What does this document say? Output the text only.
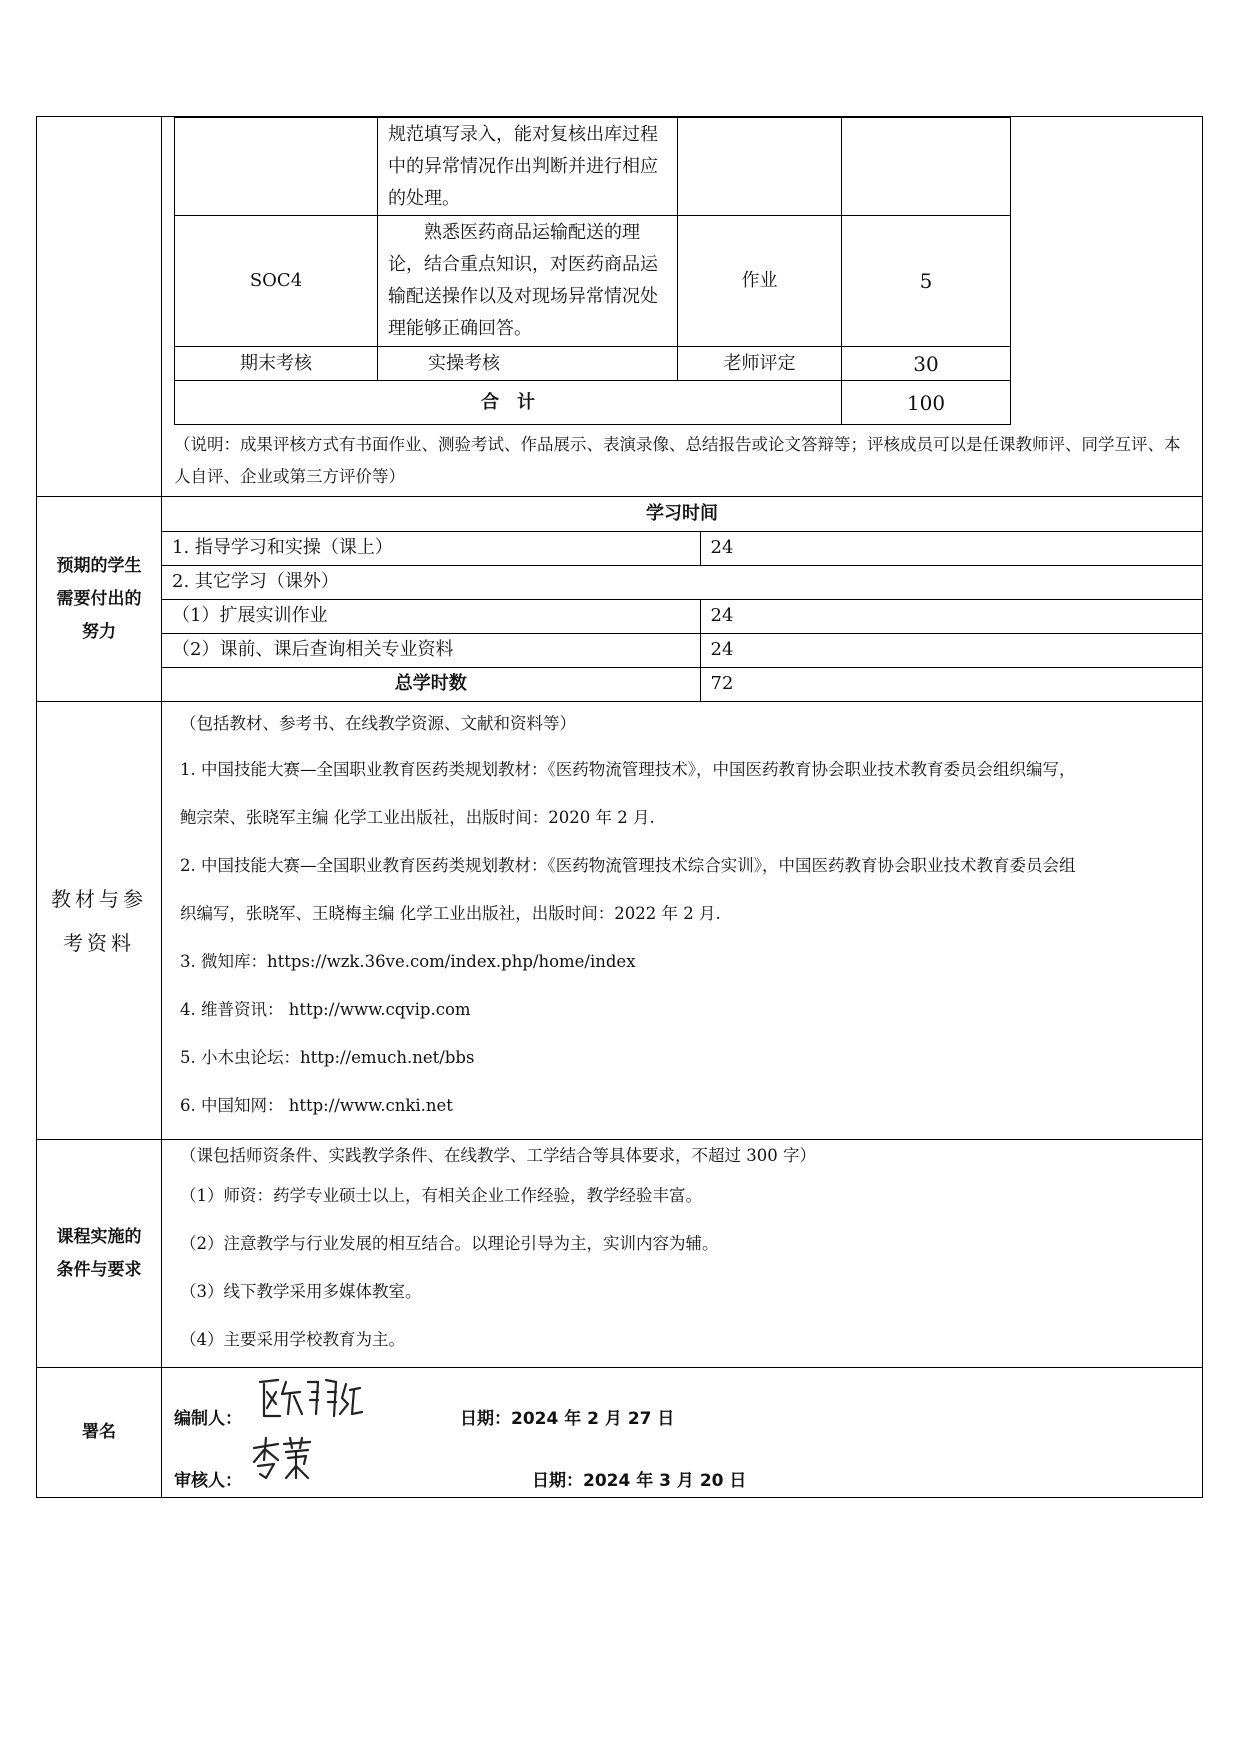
	规范填写录入，能对复核出库过程中的异常情况作出判断并进行相应的处理。		
SOC4	熟悉医药商品运输配送的理论，结合重点知识，对医药商品运输配送操作以及对现场异常情况处理能够正确回答。	作业	5
期末考核	实操考核	老师评定	30
合　计	100
（说明：成果评核方式有书面作业、测验考试、作品展示、表演录像、总结报告或论文答辩等；评核成员可以是任课教师评、同学互评、本人自评、企业或第三方评价等）

预期的学生需要付出的努力	
学习时间
1. 指导学习和实操（课上）	24
2. 其它学习（课外）
（1）扩展实训作业	24
（2）课前、课后查询相关专业资料	24
总学时数	72

教材与参考资料	
（包括教材、参考书、在线教学资源、文献和资料等）
1. 中国技能大赛—全国职业教育医药类规划教材：《医药物流管理技术》，中国医药教育协会职业技术教育委员会组织编写，
鲍宗荣、张晓军主编 化学工业出版社，出版时间：2020 年 2 月.
2. 中国技能大赛—全国职业教育医药类规划教材：《医药物流管理技术综合实训》，中国医药教育协会职业技术教育委员会组
织编写，张晓军、王晓梅主编 化学工业出版社，出版时间：2022 年 2 月.
3. 微知库：https://wzk.36ve.com/index.php/home/index
4. 维普资讯： http://www.cqvip.com
5. 小木虫论坛：http://emuch.net/bbs
6. 中国知网： http://www.cnki.net

课程实施的条件与要求	
（课包括师资条件、实践教学条件、在线教学、工学结合等具体要求，不超过 300 字）
（1）师资：药学专业硕士以上，有相关企业工作经验，教学经验丰富。
（2）注意教学与行业发展的相互结合。以理论引导为主，实训内容为辅。
（3）线下教学采用多媒体教室。
（4）主要采用学校教育为主。

署名	
编制人：	日期：2024 年 2 月 27 日
审核人：	日期：2024 年 3 月 20 日
